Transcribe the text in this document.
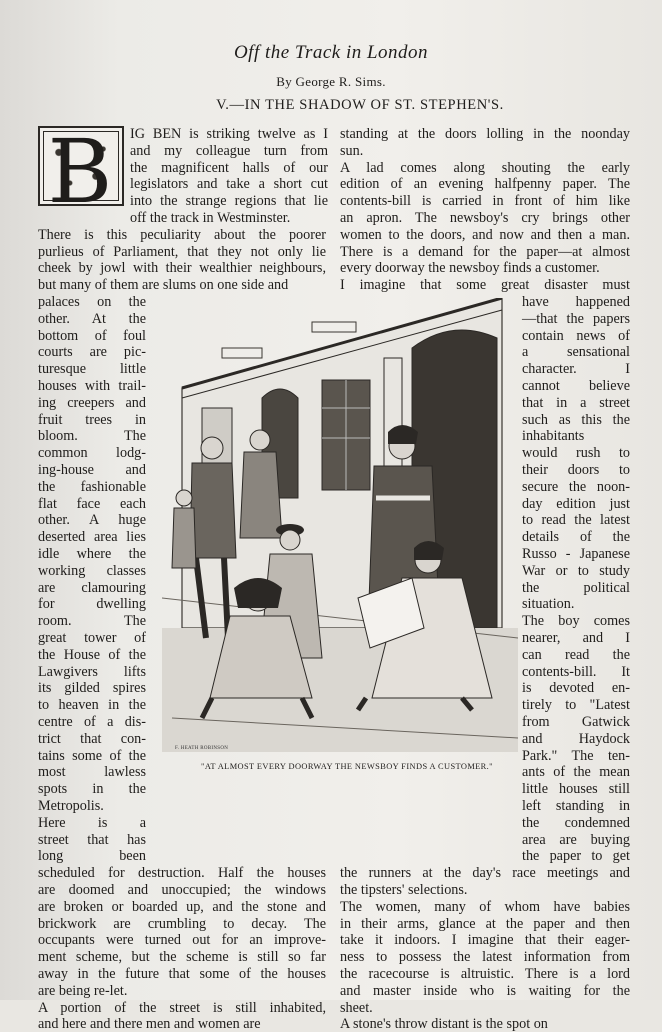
Off the Track in London
By George R. Sims.
V.—IN THE SHADOW OF ST. STEPHEN'S.
B	IG BEN is striking twelve as I
and my colleague turn from
the magnificent halls of our
legislators and take a short cut
into the strange regions that lie
off the track in Westminster.
There is this peculiarity about the poorer
purlieus of Parliament, that they not only lie
cheek by jowl with their wealthier neighbours,
but many of them are slums on one side and
palaces on the
other. At the
bottom of foul
courts are pic-
turesque little
houses with trail-
ing creepers and
fruit trees in
bloom. The
common lodg-
ing-house and
the fashionable
flat face each
other. A huge
deserted area lies
idle where the
working classes
are clamouring
for dwelling
room. The
great tower of
the House of the
Lawgivers lifts
its gilded spires
to heaven in the
centre of a dis-
trict that con-
tains some of the
most lawless
spots in the
Metropolis.
Here is a
street that has
long been
scheduled for destruction. Half the houses
are doomed and unoccupied; the windows
are broken or boarded up, and the stone and
brickwork are crumbling to decay. The
occupants were turned out for an improve-
ment scheme, but the scheme is still so far
away in the future that some of the houses
are being re-let.
A portion of the street is still inhabited,
and here and there men and women are
standing at the doors lolling in the noonday
sun.
A lad comes along shouting the early
edition of an evening halfpenny paper. The
contents-bill is carried in front of him like
an apron. The newsboy's cry brings other
women to the doors, and now and then a man.
There is a demand for the paper—at almost
every doorway the newsboy finds a customer.
I imagine that some great disaster must
have happened
—that the papers
contain news of
a sensational
character. I
cannot believe
that in a street
such as this the
inhabitants
would rush to
their doors to
secure the noon-
day edition just
to read the latest
details of the
Russo - Japanese
War or to study
the political
situation.
The boy comes
nearer, and I
can read the
contents-bill. It
is devoted en-
tirely to "Latest
from Gatwick
and Haydock
Park." The ten-
ants of the mean
little houses still
left standing in
the condemned
area are buying
the paper to get
the runners at the day's race meetings and
the tipsters' selections.
The women, many of whom have babies
in their arms, glance at the paper and then
take it indoors. I imagine that their eager-
ness to possess the latest information from
the racecourse is altruistic. There is a lord
and master inside who is waiting for the
sheet.
A stone's throw distant is the spot on
F. HEATH ROBINSON
"AT ALMOST EVERY DOORWAY THE NEWSBOY FINDS A CUSTOMER."
